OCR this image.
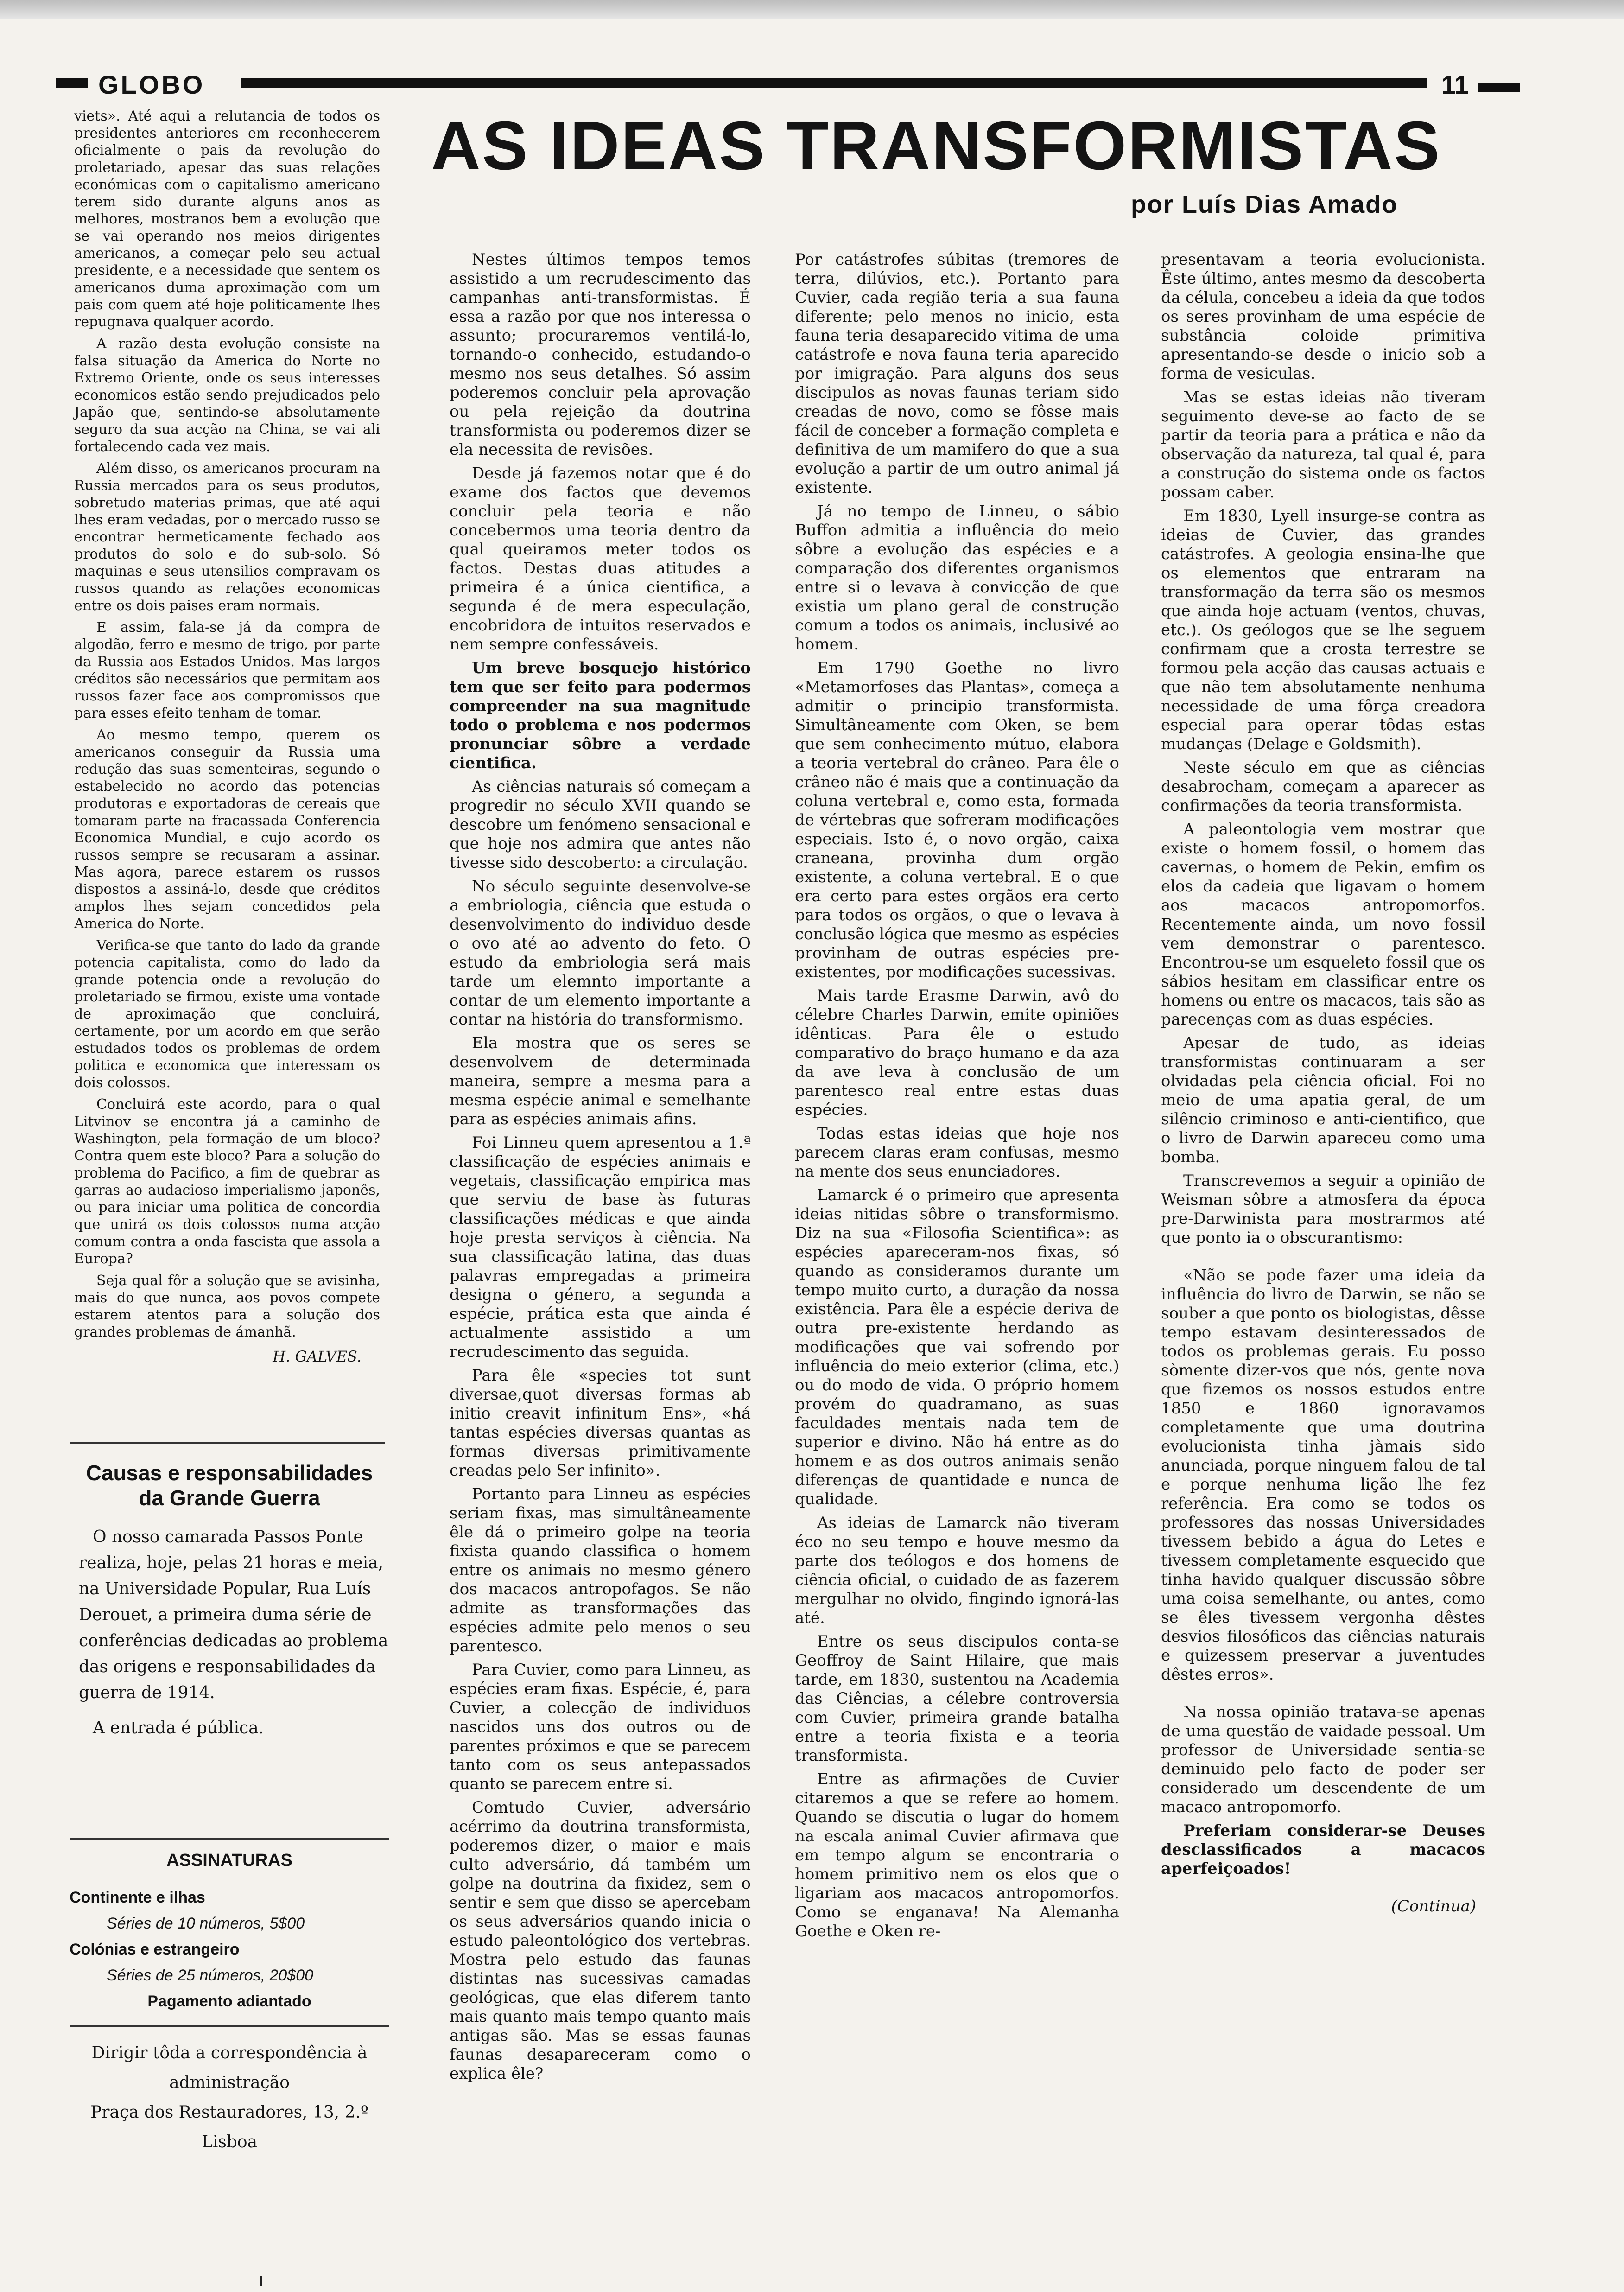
GLOBO	11
AS IDEAS TRANSFORMISTAS
por Luís Dias Amado

viets». Até aqui a relutancia de todos os presidentes anteriores em reconhecerem oficialmente o pais da revolução do proletariado, apesar das suas relações económicas com o capitalismo americano terem sido durante alguns anos as melhores, mostranos bem a evolução que se vai operando nos meios dirigentes americanos, a começar pelo seu actual presidente, e a necessidade que sentem os americanos duma aproximação com um pais com quem até hoje politicamente lhes repugnava qualquer acordo.

A razão desta evolução consiste na falsa situação da America do Norte no Extremo Oriente, onde os seus interesses economicos estão sendo prejudicados pelo Japão que, sentindo-se absolutamente seguro da sua acção na China, se vai ali fortalecendo cada vez mais.

Além disso, os americanos procuram na Russia mercados para os seus produtos, sobretudo materias primas, que até aqui lhes eram vedadas, por o mercado russo se encontrar hermeticamente fechado aos produtos do solo e do sub-solo. Só maquinas e seus utensilios compravam os russos quando as relações economicas entre os dois paises eram normais.

E assim, fala-se já da compra de algodão, ferro e mesmo de trigo, por parte da Russia aos Estados Unidos. Mas largos créditos são necessários que permitam aos russos fazer face aos compromissos que para esses efeito tenham de tomar.

Ao mesmo tempo, querem os americanos conseguir da Russia uma redução das suas sementeiras, segundo o estabelecido no acordo das potencias produtoras e exportadoras de cereais que tomaram parte na fracassada Conferencia Economica Mundial, e cujo acordo os russos sempre se recusaram a assinar. Mas agora, parece estarem os russos dispostos a assiná-lo, desde que créditos amplos lhes sejam concedidos pela America do Norte.

Verifica-se que tanto do lado da grande potencia capitalista, como do lado da grande potencia onde a revolução do proletariado se firmou, existe uma vontade de aproximação que concluirá, certamente, por um acordo em que serão estudados todos os problemas de ordem politica e economica que interessam os dois colossos.

Concluirá este acordo, para o qual Litvinov se encontra já a caminho de Washington, pela formação de um bloco? Contra quem este bloco? Para a solução do problema do Pacifico, a fim de quebrar as garras ao audacioso imperialismo japonês, ou para iniciar uma politica de concordia que unirá os dois colossos numa acção comum contra a onda fascista que assola a Europa?

Seja qual fôr a solução que se avisinha, mais do que nunca, aos povos compete estarem atentos para a solução dos grandes problemas de ámanhã.

H. GALVES.
Causas e responsabilidades
da Grande Guerra

O nosso camarada Passos Ponte realiza, hoje, pelas 21 horas e meia, na Universidade Popular, Rua Luís Derouet, a primeira duma série de conferências dedicadas ao problema das origens e responsabilidades da guerra de 1914.

A entrada é pública.

ASSINATURAS
Continente e ilhas
Séries de 10 números, 5$00
Colónias e estrangeiro
Séries de 25 números, 20$00
Pagamento adiantado
Dirigir tôda a correspondência à
administração
Praça dos Restauradores, 13, 2.º
Lisboa

Nestes últimos tempos temos assistido a um recrudescimento das campanhas anti-transformistas. É essa a razão por que nos interessa o assunto; procuraremos ventilá-lo, tornando-o conhecido, estudando-o mesmo nos seus detalhes. Só assim poderemos concluir pela aprovação ou pela rejeição da doutrina transformista ou poderemos dizer se ela necessita de revisões.

Desde já fazemos notar que é do exame dos factos que devemos concluir pela teoria e não concebermos uma teoria dentro da qual queiramos meter todos os factos. Destas duas atitudes a primeira é a única cientifica, a segunda é de mera especulação, encobridora de intuitos reservados e nem sempre confessáveis.

Um breve bosquejo histórico tem que ser feito para podermos compreender na sua magnitude todo o problema e nos podermos pronunciar sôbre a verdade cientifica.

As ciências naturais só começam a progredir no século XVII quando se descobre um fenómeno sensacional e que hoje nos admira que antes não tivesse sido descoberto: a circulação.

No século seguinte desenvolve-se a embriologia, ciência que estuda o desenvolvimento do individuo desde o ovo até ao advento do feto. O estudo da embriologia será mais tarde um elemnto importante a contar de um elemento importante a contar na história do transformismo.

Ela mostra que os seres se desenvolvem de determinada maneira, sempre a mesma para a mesma espécie animal e semelhante para as espécies animais afins.

Foi Linneu quem apresentou a 1.ª classificação de espécies animais e vegetais, classificação empirica mas que serviu de base às futuras classificações médicas e que ainda hoje presta serviços à ciência. Na sua classificação latina, das duas palavras empregadas a primeira designa o género, a segunda a espécie, prática esta que ainda é actualmente assistido a um recrudescimento das seguida.

Para êle «species tot sunt diversae,quot diversas formas ab initio creavit infinitum Ens», «há tantas espécies diversas quantas as formas diversas primitivamente creadas pelo Ser infinito».

Portanto para Linneu as espécies seriam fixas, mas simultâneamente êle dá o primeiro golpe na teoria fixista quando classifica o homem entre os animais no mesmo género dos macacos antropofagos. Se não admite as transformações das espécies admite pelo menos o seu parentesco.

Para Cuvier, como para Linneu, as espécies eram fixas. Espécie, é, para Cuvier, a colecção de individuos nascidos uns dos outros ou de parentes próximos e que se parecem tanto com os seus antepassados quanto se parecem entre si.

Comtudo Cuvier, adversário acérrimo da doutrina transformista, poderemos dizer, o maior e mais culto adversário, dá também um golpe na doutrina da fixidez, sem o sentir e sem que disso se apercebam os seus adversários quando inicia o estudo paleontológico dos vertebras. Mostra pelo estudo das faunas distintas nas sucessivas camadas geológicas, que elas diferem tanto mais quanto mais tempo quanto mais antigas são. Mas se essas faunas faunas desapareceram como o explica êle?

Por catástrofes súbitas (tremores de terra, dilúvios, etc.). Portanto para Cuvier, cada região teria a sua fauna diferente; pelo menos no inicio, esta fauna teria desaparecido vitima de uma catástrofe e nova fauna teria aparecido por imigração. Para alguns dos seus discipulos as novas faunas teriam sido creadas de novo, como se fôsse mais fácil de conceber a formação completa e definitiva de um mamifero do que a sua evolução a partir de um outro animal já existente.

Já no tempo de Linneu, o sábio Buffon admitia a influência do meio sôbre a evolução das espécies e a comparação dos diferentes organismos entre si o levava à convicção de que existia um plano geral de construção comum a todos os animais, inclusivé ao homem.

Em 1790 Goethe no livro «Metamorfoses das Plantas», começa a admitir o principio transformista. Simultâneamente com Oken, se bem que sem conhecimento mútuo, elabora a teoria vertebral do crâneo. Para êle o crâneo não é mais que a continuação da coluna vertebral e, como esta, formada de vértebras que sofreram modificações especiais. Isto é, o novo orgão, caixa craneana, provinha dum orgão existente, a coluna vertebral. E o que era certo para estes orgãos era certo para todos os orgãos, o que o levava à conclusão lógica que mesmo as espécies provinham de outras espécies pre-existentes, por modificações sucessivas.

Mais tarde Erasme Darwin, avô do célebre Charles Darwin, emite opiniões idênticas. Para êle o estudo comparativo do braço humano e da aza da ave leva à conclusão de um parentesco real entre estas duas espécies.

Todas estas ideias que hoje nos parecem claras eram confusas, mesmo na mente dos seus enunciadores.

Lamarck é o primeiro que apresenta ideias nitidas sôbre o transformismo. Diz na sua «Filosofia Scientifica»: as espécies apareceram-nos fixas, só quando as consideramos durante um tempo muito curto, a duração da nossa existência. Para êle a espécie deriva de outra pre-existente herdando as modificações que vai sofrendo por influência do meio exterior (clima, etc.) ou do modo de vida. O próprio homem provém do quadramano, as suas faculdades mentais nada tem de superior e divino. Não há entre as do homem e as dos outros animais senão diferenças de quantidade e nunca de qualidade.

As ideias de Lamarck não tiveram éco no seu tempo e houve mesmo da parte dos teólogos e dos homens de ciência oficial, o cuidado de as fazerem mergulhar no olvido, fingindo ignorá-las até.

Entre os seus discipulos conta-se Geoffroy de Saint Hilaire, que mais tarde, em 1830, sustentou na Academia das Ciências, a célebre controversia com Cuvier, primeira grande batalha entre a teoria fixista e a teoria transformista.

Entre as afirmações de Cuvier citaremos a que se refere ao homem. Quando se discutia o lugar do homem na escala animal Cuvier afirmava que em tempo algum se encontraria o homem primitivo nem os elos que o ligariam aos macacos antropomorfos. Como se enganava! Na Alemanha Goethe e Oken re-

presentavam a teoria evolucionista. Êste último, antes mesmo da descoberta da célula, concebeu a ideia da que todos os seres provinham de uma espécie de substância coloide primitiva apresentando-se desde o inicio sob a forma de vesiculas.

Mas se estas ideias não tiveram seguimento deve-se ao facto de se partir da teoria para a prática e não da observação da natureza, tal qual é, para a construção do sistema onde os factos possam caber.

Em 1830, Lyell insurge-se contra as ideias de Cuvier, das grandes catástrofes. A geologia ensina-lhe que os elementos que entraram na transformação da terra são os mesmos que ainda hoje actuam (ventos, chuvas, etc.). Os geólogos que se lhe seguem confirmam que a crosta terrestre se formou pela acção das causas actuais e que não tem absolutamente nenhuma necessidade de uma fôrça creadora especial para operar tôdas estas mudanças (Delage e Goldsmith).

Neste século em que as ciências desabrocham, começam a aparecer as confirmações da teoria transformista.

A paleontologia vem mostrar que existe o homem fossil, o homem das cavernas, o homem de Pekin, emfim os elos da cadeia que ligavam o homem aos macacos antropomorfos. Recentemente ainda, um novo fossil vem demonstrar o parentesco. Encontrou-se um esqueleto fossil que os sábios hesitam em classificar entre os homens ou entre os macacos, tais são as parecenças com as duas espécies.

Apesar de tudo, as ideias transformistas continuaram a ser olvidadas pela ciência oficial. Foi no meio de uma apatia geral, de um silêncio criminoso e anti-cientifico, que o livro de Darwin apareceu como uma bomba.

Transcrevemos a seguir a opinião de Weisman sôbre a atmosfera da época pre-Darwinista para mostrarmos até que ponto ia o obscurantismo:

«Não se pode fazer uma ideia da influência do livro de Darwin, se não se souber a que ponto os biologistas, dêsse tempo estavam desinteressados de todos os problemas gerais. Eu posso sòmente dizer-vos que nós, gente nova que fizemos os nossos estudos entre 1850 e 1860 ignoravamos completamente que uma doutrina evolucionista tinha jàmais sido anunciada, porque ninguem falou de tal e porque nenhuma lição lhe fez referência. Era como se todos os professores das nossas Universidades tivessem bebido a água do Letes e tivessem completamente esquecido que tinha havido qualquer discussão sôbre uma coisa semelhante, ou antes, como se êles tivessem vergonha dêstes desvios filosóficos das ciências naturais e quizessem preservar a juventudes dêstes erros».

Na nossa opinião tratava-se apenas de uma questão de vaidade pessoal. Um professor de Universidade sentia-se deminuido pelo facto de poder ser considerado um descendente de um macaco antropomorfo.

Preferiam considerar-se Deuses desclassificados a macacos aperfeiçoados!

(Continua)
